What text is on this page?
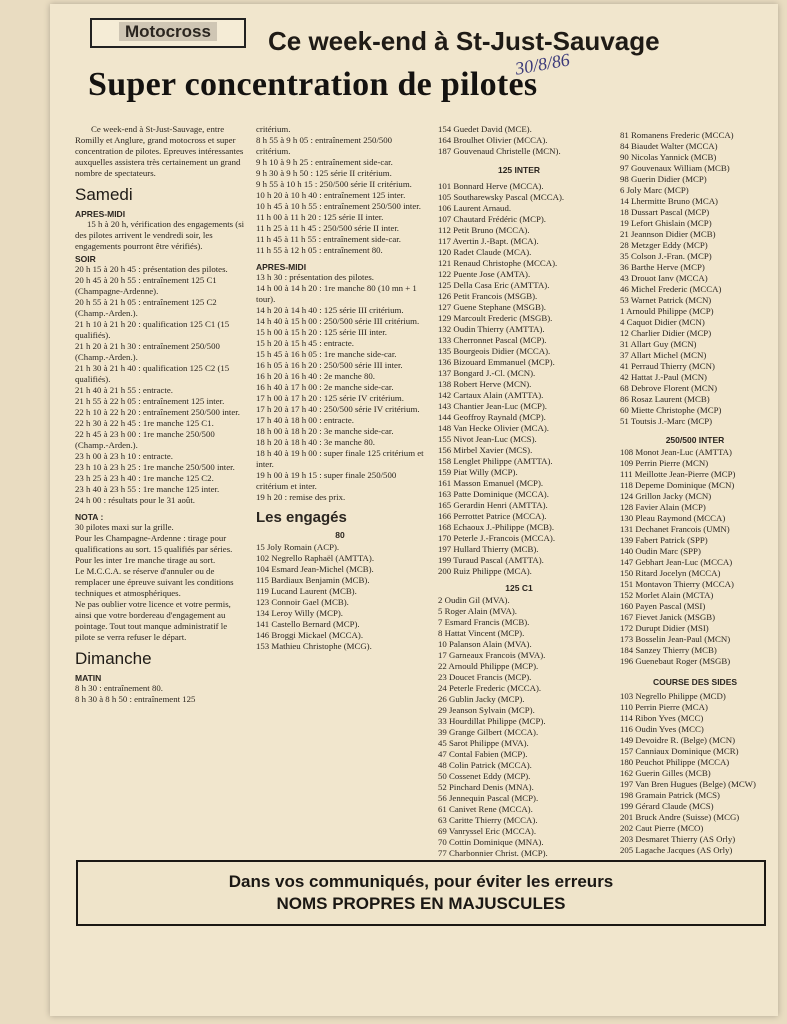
Motocross	Ce week-end à St-Just-Sauvage
30/8/86
Super concentration de pilotes

Ce week-end à St-Just-Sauvage, entre Romilly et Anglure, grand motocross et super concentration de pilotes. Epreuves intéressantes auxquelles assistera très certainement un grand nombre de spectateurs.

Samedi
APRES-MIDI

15 h à 20 h, vérification des engagements (si des pilotes arrivent le vendredi soir, les engagements pourront être vérifiés).

SOIR

20 h 15 à 20 h 45 : présentation des pilotes.

20 h 45 à 20 h 55 : entraînement 125 C1 (Champagne-Ardenne).

20 h 55 à 21 h 05 : entraînement 125 C2 (Champ.-Arden.).

21 h 10 à 21 h 20 : qualification 125 C1 (15 qualifiés).

21 h 20 à 21 h 30 : entraînement 250/500 (Champ.-Arden.).

21 h 30 à 21 h 40 : qualification 125 C2 (15 qualifiés).

21 h 40 à 21 h 55 : entracte.

21 h 55 à 22 h 05 : entraînement 125 inter.

22 h 10 à 22 h 20 : entraînement 250/500 inter.

22 h 30 à 22 h 45 : 1re manche 125 C1.

22 h 45 à 23 h 00 : 1re manche 250/500 (Champ.-Arden.).

23 h 00 à 23 h 10 : entracte.

23 h 10 à 23 h 25 : 1re manche 250/500 inter.

23 h 25 à 23 h 40 : 1re manche 125 C2.

23 h 40 à 23 h 55 : 1re manche 125 inter.

24 h 00 : résultats pour le 31 août.

NOTA :

30 pilotes maxi sur la grille.

Pour les Champagne-Ardenne : tirage pour qualifications au sort. 15 qualifiés par séries.

Pour les inter 1re manche tirage au sort.

Le M.C.C.A. se réserve d'annuler ou de remplacer une épreuve suivant les conditions techniques et atmosphériques.

Ne pas oublier votre licence et votre permis, ainsi que votre bordereau d'engagement au pointage. Tout tout manque administratif le pilote se verra refuser le départ.

Dimanche
MATIN

8 h 30 : entraînement 80.

8 h 30 à 8 h 50 : entraînement 125

critérium.

8 h 55 à 9 h 05 : entraînement 250/500 critérium.

9 h 10 à 9 h 25 : entraînement side-car.

9 h 30 à 9 h 50 : 125 série II critérium.

9 h 55 à 10 h 15 : 250/500 série II critérium.

10 h 20 à 10 h 40 : entraînement 125 inter.

10 h 45 à 10 h 55 : entraînement 250/500 inter.

11 h 00 à 11 h 20 : 125 série II inter.

11 h 25 à 11 h 45 : 250/500 série II inter.

11 h 45 à 11 h 55 : entraînement side-car.

11 h 55 à 12 h 05 : entraînement 80.

APRES-MIDI

13 h 30 : présentation des pilotes.

14 h 00 à 14 h 20 : 1re manche 80 (10 mn + 1 tour).

14 h 20 à 14 h 40 : 125 série III critérium.

14 h 40 à 15 h 00 : 250/500 série III critérium.

15 h 00 à 15 h 20 : 125 série III inter.

15 h 20 à 15 h 45 : entracte.

15 h 45 à 16 h 05 : 1re manche side-car.

16 h 05 à 16 h 20 : 250/500 série III inter.

16 h 20 à 16 h 40 : 2e manche 80.

16 h 40 à 17 h 00 : 2e manche side-car.

17 h 00 à 17 h 20 : 125 série IV critérium.

17 h 20 à 17 h 40 : 250/500 série IV critérium.

17 h 40 à 18 h 00 : entracte.

18 h 00 à 18 h 20 : 3e manche side-car.

18 h 20 à 18 h 40 : 3e manche 80.

18 h 40 à 19 h 00 : super finale 125 critérium et inter.

19 h 00 à 19 h 15 : super finale 250/500 critérium et inter.

19 h 20 : remise des prix.

Les engagés
80

15 Joly Romain (ACP).

102 Negrello Raphaël (AMTTA).

104 Esmard Jean-Michel (MCB).

115 Bardiaux Benjamin (MCB).

119 Lucand Laurent (MCB).

123 Connoir Gael (MCB).

134 Leroy Willy (MCP).

141 Castello Bernard (MCP).

146 Broggi Mickael (MCCA).

153 Mathieu Christophe (MCG).

154 Guedet David (MCE).

164 Broulhet Olivier (MCCA).

187 Gouvenaud Christelle (MCN).

125 INTER

101 Bonnard Herve (MCCA).

105 Southarewsky Pascal (MCCA).

106 Laurent Arnaud.

107 Chautard Frédéric (MCP).

112 Petit Bruno (MCCA).

117 Avertin J.-Bapt. (MCA).

120 Radet Claude (MCA).

121 Renaud Christophe (MCCA).

122 Puente Jose (AMTA).

125 Della Casa Eric (AMTTA).

126 Petit Francois (MSGB).

127 Guene Stephane (MSGB).

129 Marcoult Frederic (MSGB).

132 Oudin Thierry (AMTTA).

133 Cherronnet Pascal (MCP).

135 Bourgeois Didier (MCCA).

136 Bizouard Emmanuel (MCP).

137 Bongard J.-Cl. (MCN).

138 Robert Herve (MCN).

142 Cartaux Alain (AMTTA).

143 Chantier Jean-Luc (MCP).

144 Geoffroy Raynald (MCP).

148 Van Hecke Olivier (MCA).

155 Nivot Jean-Luc (MCS).

156 Mirbel Xavier (MCS).

158 Lenglet Philippe (AMTTA).

159 Piat Willy (MCP).

161 Masson Emanuel (MCP).

163 Patte Dominique (MCCA).

165 Gerardin Henri (AMTTA).

166 Perrottet Patrice (MCCA).

168 Echaoux J.-Philippe (MCB).

170 Peterle J.-Francois (MCCA).

197 Hullard Thierry (MCB).

199 Turaud Pascal (AMTTA).

200 Ruiz Philippe (MCA).

125 C1

2 Oudin Gil (MVA).

5 Roger Alain (MVA).

7 Esmard Francis (MCB).

8 Hattat Vincent (MCP).

10 Palanson Alain (MVA).

17 Garneaux Francois (MVA).

22 Arnould Philippe (MCP).

23 Doucet Francis (MCP).

24 Peterle Frederic (MCCA).

26 Gublin Jacky (MCP).

29 Jeanson Sylvain (MCP).

33 Hourdillat Philippe (MCP).

39 Grange Gilbert (MCCA).

45 Sarot Philippe (MVA).

47 Contal Fabien (MCP).

48 Colin Patrick (MCCA).

50 Cossenet Eddy (MCP).

52 Pinchard Denis (MNA).

56 Jennequin Pascal (MCP).

61 Canivet Rene (MCCA).

63 Caritte Thierry (MCCA).

69 Vanryssel Eric (MCCA).

70 Cottin Dominique (MNA).

77 Charbonnier Christ. (MCP).

81 Romanens Frederic (MCCA)

84 Biaudet Walter (MCCA)

90 Nicolas Yannick (MCB)

97 Gouvenaux William (MCB)

98 Guerin Didier (MCP)

6 Joly Marc (MCP)

14 Lhermitte Bruno (MCA)

18 Dussart Pascal (MCP)

19 Lefort Ghislain (MCP)

21 Jeannson Didier (MCB)

28 Metzger Eddy (MCP)

35 Colson J.-Fran. (MCP)

36 Barthe Herve (MCP)

43 Drouot Ianv (MCCA)

46 Michel Frederic (MCCA)

53 Warnet Patrick (MCN)

1 Arnould Philippe (MCP)

4 Caquot Didier (MCN)

12 Charlier Didier (MCP)

31 Allart Guy (MCN)

37 Allart Michel (MCN)

41 Perraud Thierry (MCN)

42 Hattat J.-Paul (MCN)

68 Debrove Florent (MCN)

86 Rosaz Laurent (MCB)

60 Miette Christophe (MCP)

51 Toutsis J.-Marc (MCP)

250/500 INTER

108 Monot Jean-Luc (AMTTA)

109 Perrin Pierre (MCN)

111 Meillotte Jean-Pierre (MCP)

118 Depeme Dominique (MCN)

124 Grillon Jacky (MCN)

128 Favier Alain (MCP)

130 Pleau Raymond (MCCA)

131 Dechanet Francois (UMN)

139 Fabert Patrick (SPP)

140 Oudin Marc (SPP)

147 Gebhart Jean-Luc (MCCA)

150 Ritard Jocelyn (MCCA)

151 Montavon Thierry (MCCA)

152 Morlet Alain (MCTA)

160 Payen Pascal (MSI)

167 Fievet Janick (MSGB)

172 Durupt Didier (MSI)

173 Bosselin Jean-Paul (MCN)

184 Sanzey Thierry (MCB)

196 Guenebaut Roger (MSGB)

COURSE DES SIDES

103 Negrello Philippe (MCD)

110 Perrin Pierre (MCA)

114 Ribon Yves (MCC)

116 Oudin Yves (MCC)

149 Devoidre R. (Belge) (MCN)

157 Canniaux Dominique (MCR)

180 Peuchot Philippe (MCCA)

162 Guerin Gilles (MCB)

197 Van Bren Hugues (Belge) (MCW)

198 Gramain Patrick (MCS)

199 Gérard Claude (MCS)

201 Bruck Andre (Suisse) (MCG)

202 Caut Pierre (MCO)

203 Desmaret Thierry (AS Orly)

205 Lagache Jacques (AS Orly)

Dans vos communiqués, pour éviter les erreurs
NOMS PROPRES EN MAJUSCULES
